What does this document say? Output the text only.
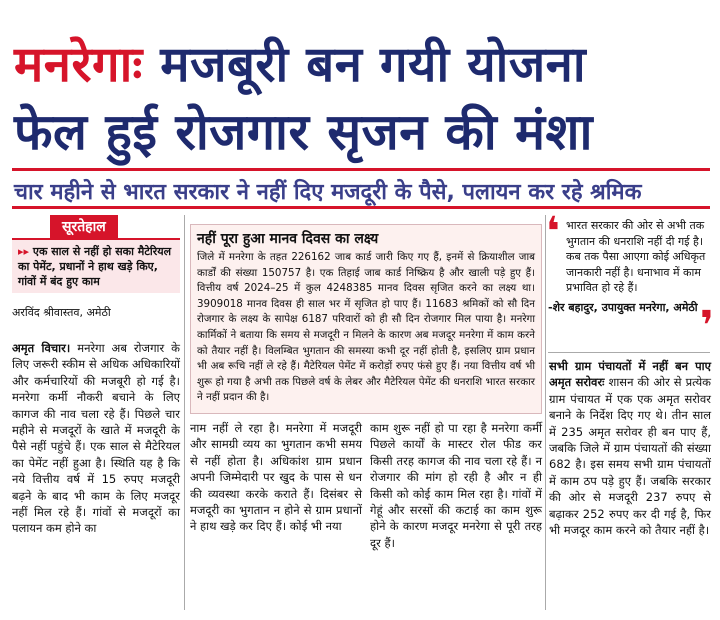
मनरेगाः मजबूरी बन गयी योजना
फेल हुई रोजगार सृजन की मंशा
चार महीने से भारत सरकार ने नहीं दिए मजदूरी के पैसे, पलायन कर रहे श्रमिक
सूरतेहाल
▸▸ एक साल से नहीं हो सका मैटेरियल का पेमेंट, प्रधानों ने हाथ खड़े किए, गांवों में बंद हुए काम
अरविंद श्रीवास्तव, अमेठी
नहीं पूरा हुआ मानव दिवस का लक्ष्य
जिले में मनरेगा के तहत 226162 जाब कार्ड जारी किए गए हैं, इनमें से क्रियाशील जाब कार्डों की संख्या 150757 है। एक तिहाई जाब कार्ड निष्क्रिय है और खाली पड़े हुए हैं। वित्तीय वर्ष 2024–25 में कुल 4248385 मानव दिवस सृजित करने का लक्ष्य था। 3909018 मानव दिवस ही साल भर में सृजित हो पाए हैं। 11683 श्रमिकों को सौ दिन रोजगार के लक्ष्य के सापेक्ष 6187 परिवारों को ही सौ दिन रोजगार मिल पाया है। मनरेगा कार्मिकों ने बताया कि समय से मजदूरी न मिलने के कारण अब मजदूर मनरेगा में काम करने को तैयार नहीं है। विलम्बित भुगतान की समस्या कभी दूर नहीं होती है, इसलिए ग्राम प्रधान भी अब रूचि नहीं ले रहे हैं। मैटेरियल पेमेंट में करोड़ों रुपए फंसे हुए हैं। नया वित्तीय वर्ष भी शुरू हो गया है अभी तक पिछले वर्ष के लेबर और मैटेरियल पेमेंट की धनराशि भारत सरकार ने नहीं प्रदान की है।
❛ भारत सरकार की ओर से अभी तक भुगतान की धनराशि नहीं दी गई है। कब तक पैसा आएगा कोई अधिकृत जानकारी नहीं है। धनाभाव में काम प्रभावित हो रहे हैं।
-शेर बहादुर, उपायुक्त मनरेगा, अमेठी ❜
अमृत विचार। मनरेगा अब रोजगार के लिए जरूरी स्कीम से अधिक अधिकारियों और कर्मचारियों की मजबूरी हो गई है। मनरेगा कर्मी नौकरी बचाने के लिए कागज की नाव चला रहे हैं। पिछले चार महीने से मजदूरों के खाते में मजदूरी के पैसे नहीं पहुंचे हैं। एक साल से मैटेरियल का पेमेंट नहीं हुआ है। स्थिति यह है कि नये वित्तीय वर्ष में 15 रुपए मजदूरी बढ़ने के बाद भी काम के लिए मजदूर नहीं मिल रहे हैं। गांवों से मजदूरों का पलायन कम होने का
नाम नहीं ले रहा है। मनरेगा में मजदूरी और सामग्री व्यय का भुगतान कभी समय से नहीं होता है। अधिकांश ग्राम प्रधान अपनी जिम्मेदारी पर खुद के पास से धन की व्यवस्था करके कराते हैं। दिसंबर से मजदूरी का भुगतान न होने से ग्राम प्रधानों ने हाथ खड़े कर दिए हैं। कोई भी नया
काम शुरू नहीं हो पा रहा है मनरेगा कर्मी पिछले कार्यों के मास्टर रोल फीड कर किसी तरह कागज की नाव चला रहे हैं। न रोजगार की मांग हो रही है और न ही किसी को कोई काम मिल रहा है। गांवों में गेहूं और सरसों की कटाई का काम शुरू होने के कारण मजदूर मनरेगा से पूरी तरह दूर हैं।
सभी ग्राम पंचायतों में नहीं बन पाए अमृत सरोवरः शासन की ओर से प्रत्येक ग्राम पंचायत में एक एक अमृत सरोवर बनाने के निर्देश दिए गए थे। तीन साल में 235 अमृत सरोवर ही बन पाए हैं, जबकि जिले में ग्राम पंचायतों की संख्या 682 है। इस समय सभी ग्राम पंचायतों में काम ठप पड़े हुए हैं। जबकि सरकार की ओर से मजदूरी 237 रुपए से बढ़ाकर 252 रुपए कर दी गई है, फिर भी मजदूर काम करने को तैयार नहीं है।
